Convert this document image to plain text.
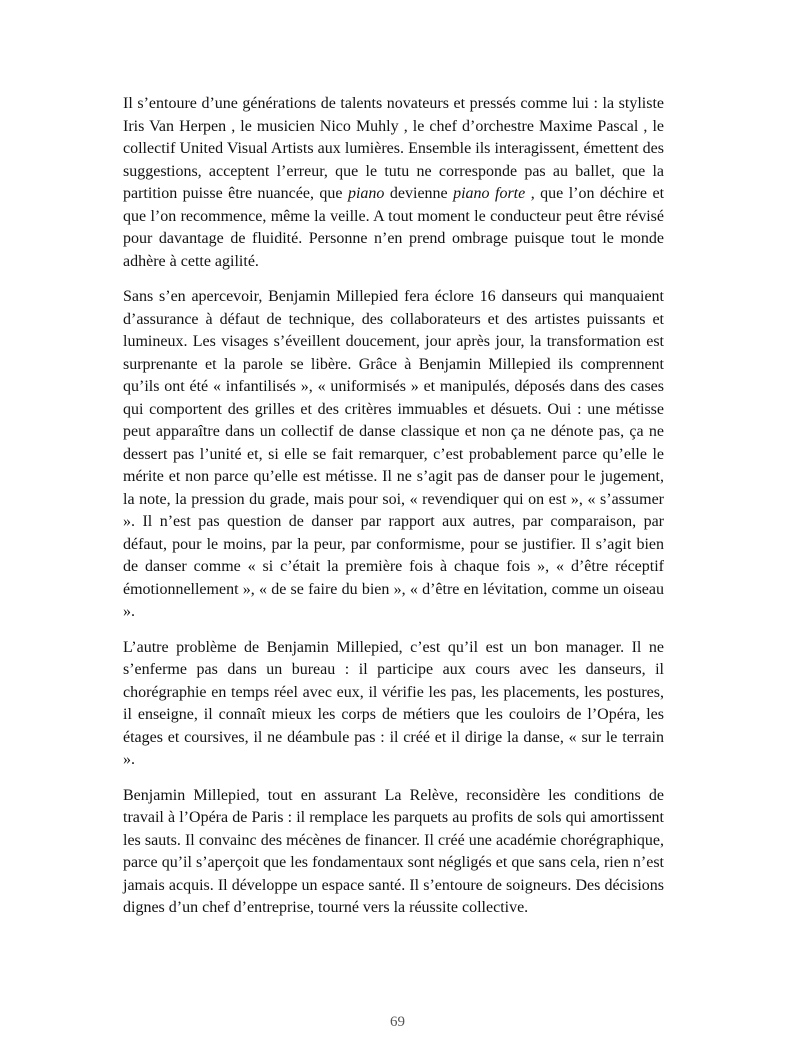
Il s’entoure d’une générations de talents novateurs et pressés comme lui : la styliste Iris Van Herpen , le musicien Nico Muhly , le chef d’orchestre Maxime Pascal , le collectif United Visual Artists aux lumières. Ensemble ils interagissent, émettent des suggestions, acceptent l’erreur, que le tutu ne corresponde pas au ballet, que la partition puisse être nuancée, que piano devienne piano forte , que l’on déchire et que l’on recommence, même la veille. A tout moment le conducteur peut être révisé pour davantage de fluidité. Personne n’en prend ombrage puisque tout le monde adhère à cette agilité.

Sans s’en apercevoir, Benjamin Millepied fera éclore 16 danseurs qui manquaient d’assurance à défaut de technique, des collaborateurs et des artistes puissants et lumineux. Les visages s’éveillent doucement, jour après jour, la transformation est surprenante et la parole se libère. Grâce à Benjamin Millepied ils comprennent qu’ils ont été « infantilisés », « uniformisés » et manipulés, déposés dans des cases qui comportent des grilles et des critères immuables et désuets. Oui : une métisse peut apparaître dans un collectif de danse classique et non ça ne dénote pas, ça ne dessert pas l’unité et, si elle se fait remarquer, c’est probablement parce qu’elle le mérite et non parce qu’elle est métisse. Il ne s’agit pas de danser pour le jugement, la note, la pression du grade, mais pour soi, « revendiquer qui on est », « s’assumer ». Il n’est pas question de danser par rapport aux autres, par comparaison, par défaut, pour le moins, par la peur, par conformisme, pour se justifier. Il s’agit bien de danser comme « si c’était la première fois à chaque fois », « d’être réceptif émotionnellement », « de se faire du bien », « d’être en lévitation, comme un oiseau ».

L’autre problème de Benjamin Millepied, c’est qu’il est un bon manager. Il ne s’enferme pas dans un bureau : il participe aux cours avec les danseurs, il chorégraphie en temps réel avec eux, il vérifie les pas, les placements, les postures, il enseigne, il connaît mieux les corps de métiers que les couloirs de l’Opéra, les étages et coursives, il ne déambule pas : il créé et il dirige la danse, « sur le terrain ».

Benjamin Millepied, tout en assurant La Relève, reconsidère les conditions de travail à l’Opéra de Paris : il remplace les parquets au profits de sols qui amortissent les sauts. Il convainc des mécènes de financer. Il créé une académie chorégraphique, parce qu’il s’aperçoit que les fondamentaux sont négligés et que sans cela, rien n’est jamais acquis. Il développe un espace santé. Il s’entoure de soigneurs. Des décisions dignes d’un chef d’entreprise, tourné vers la réussite collective.

69
